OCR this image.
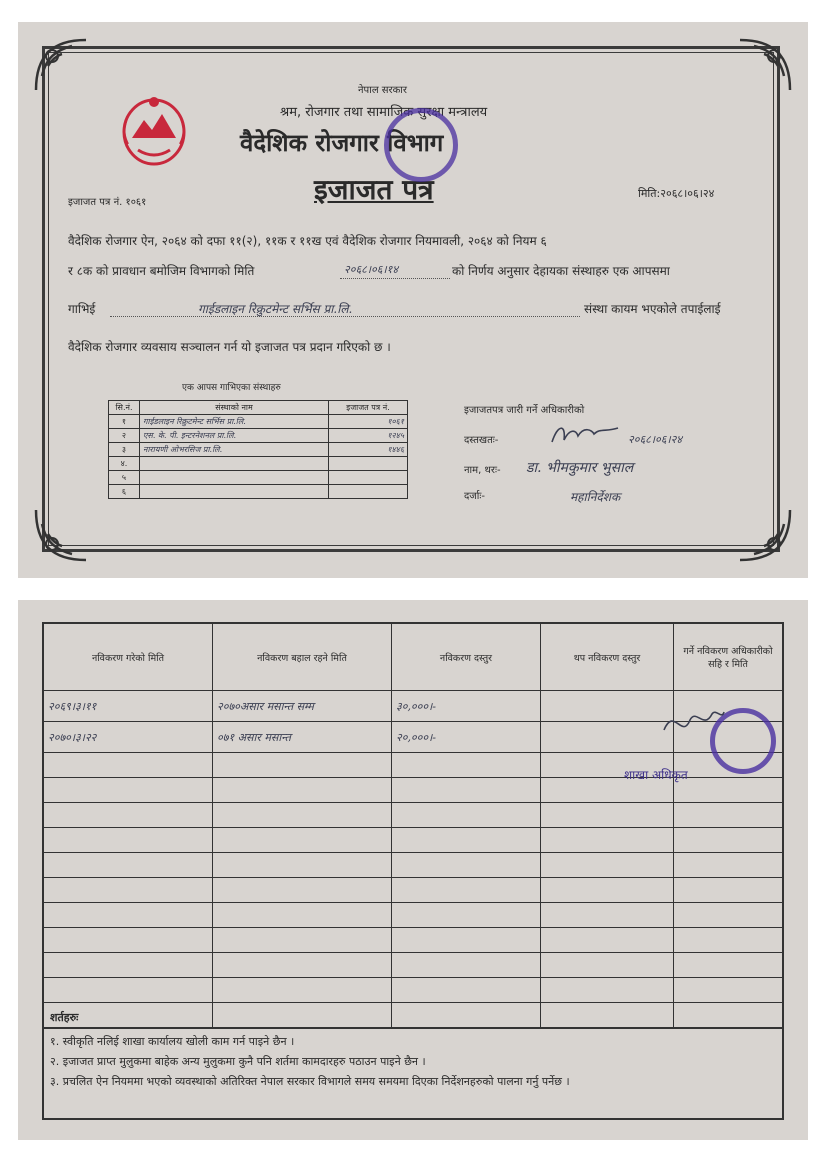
नेपाल सरकार
श्रम, रोजगार तथा सामाजिक सुरक्षा मन्त्रालय
वैदेशिक रोजगार विभाग
इजाजत पत्र
इजाजत पत्र नं. १०६१
मिति:२०६८।०६।२४
वैदेशिक रोजगार ऐन, २०६४ को दफा ११(२), ११क र ११ख एवं वैदेशिक रोजगार नियमावली, २०६४ को नियम ६
र ८क को प्रावधान बमोजिम विभागको मिति	२०६८।०६।१४	को निर्णय अनुसार देहायका संस्थाहरु एक आपसमा
गाभिई	गाईडलाइन रिक्रुटमेन्ट सर्भिस प्रा.लि.	संस्था कायम भएकोले तपाईलाई
वैदेशिक रोजगार व्यवसाय सञ्चालन गर्न यो इजाजत पत्र प्रदान गरिएको छ ।
एक आपस गाभिएका संस्थाहरु
सि.नं.	संस्थाको नाम	इजाजत पत्र नं.
१	गाईडलाइन रिक्रुटमेन्ट सर्भिस प्रा.लि.	१०६१
२	एस. के. पी. इन्टरनेशनल प्रा.लि.	१२४५
३	नारायणी ओभरसिज प्रा.लि.	१४४६
४.		
५		
६		
इजाजतपत्र जारी गर्ने अधिकारीको
दस्तखतः-	२०६८।०६।२४
नाम, थरः- डा. भीमकुमार भुसाल
दर्जाः-	महानिर्देशक
नविकरण गरेको मिति	नविकरण बहाल रहने मिति	नविकरण दस्तुर	थप नविकरण दस्तुर	गर्ने नविकरण अधिकारीको सहि र मिति
२०६९।३।११	२०७०असार मसान्त सम्म	३०,०००।-		
२०७०।३।२२	०७१ असार मसान्त	२०,०००।-		

शाखा अधिकृत
शर्तहरुः
१. स्वीकृति नलिई शाखा कार्यालय खोली काम गर्न पाइने छैन ।
२. इजाजत प्राप्त मुलुकमा बाहेक अन्य मुलुकमा कुनै पनि शर्तमा कामदारहरु पठाउन पाइने छैन ।
३. प्रचलित ऐन नियममा भएको व्यवस्थाको अतिरिक्त नेपाल सरकार विभागले समय समयमा दिएका निर्देशनहरुको पालना गर्नु पर्नेछ ।
